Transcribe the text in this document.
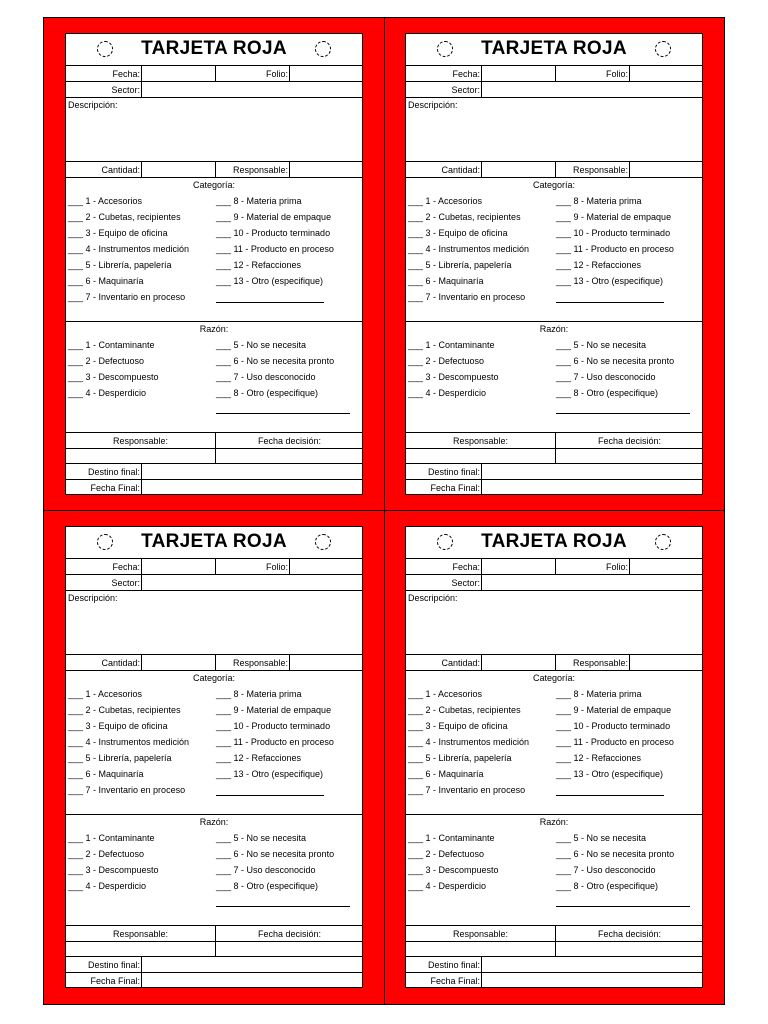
TARJETA ROJA
Fecha:	Folio:
Sector:
Descripción:
Cantidad:	Responsable:
Categoría:
___ 1 - Accesorios
___ 2 - Cubetas, recipientes
___ 3 - Equipo de oficina
___ 4 - Instrumentos medición
___ 5 - Librería, papelería
___ 6 - Maquinaría
___ 7 - Inventario en proceso
___ 8 - Materia prima
___ 9 - Material de empaque
___ 10 - Producto terminado
___ 11 - Producto en proceso
___ 12 - Refacciones
___ 13 - Otro (especifique)
Razón:
___ 1 - Contaminante
___ 2 - Defectuoso
___ 3 - Descompuesto
___ 4 - Desperdicio
___ 5 - No se necesita
___ 6 - No se necesita pronto
___ 7 - Uso desconocido
___ 8 - Otro (especifique)
Responsable:	Fecha decisión:
Destino final:
Fecha Final:
TARJETA ROJA
Fecha:	Folio:
Sector:
Descripción:
Cantidad:	Responsable:
Categoría:
___ 1 - Accesorios
___ 2 - Cubetas, recipientes
___ 3 - Equipo de oficina
___ 4 - Instrumentos medición
___ 5 - Librería, papelería
___ 6 - Maquinaría
___ 7 - Inventario en proceso
___ 8 - Materia prima
___ 9 - Material de empaque
___ 10 - Producto terminado
___ 11 - Producto en proceso
___ 12 - Refacciones
___ 13 - Otro (especifique)
Razón:
___ 1 - Contaminante
___ 2 - Defectuoso
___ 3 - Descompuesto
___ 4 - Desperdicio
___ 5 - No se necesita
___ 6 - No se necesita pronto
___ 7 - Uso desconocido
___ 8 - Otro (especifique)
Responsable:	Fecha decisión:
Destino final:
Fecha Final:
TARJETA ROJA
Fecha:	Folio:
Sector:
Descripción:
Cantidad:	Responsable:
Categoría:
___ 1 - Accesorios
___ 2 - Cubetas, recipientes
___ 3 - Equipo de oficina
___ 4 - Instrumentos medición
___ 5 - Librería, papelería
___ 6 - Maquinaría
___ 7 - Inventario en proceso
___ 8 - Materia prima
___ 9 - Material de empaque
___ 10 - Producto terminado
___ 11 - Producto en proceso
___ 12 - Refacciones
___ 13 - Otro (especifique)
Razón:
___ 1 - Contaminante
___ 2 - Defectuoso
___ 3 - Descompuesto
___ 4 - Desperdicio
___ 5 - No se necesita
___ 6 - No se necesita pronto
___ 7 - Uso desconocido
___ 8 - Otro (especifique)
Responsable:	Fecha decisión:
Destino final:
Fecha Final:
TARJETA ROJA
Fecha:	Folio:
Sector:
Descripción:
Cantidad:	Responsable:
Categoría:
___ 1 - Accesorios
___ 2 - Cubetas, recipientes
___ 3 - Equipo de oficina
___ 4 - Instrumentos medición
___ 5 - Librería, papelería
___ 6 - Maquinaría
___ 7 - Inventario en proceso
___ 8 - Materia prima
___ 9 - Material de empaque
___ 10 - Producto terminado
___ 11 - Producto en proceso
___ 12 - Refacciones
___ 13 - Otro (especifique)
Razón:
___ 1 - Contaminante
___ 2 - Defectuoso
___ 3 - Descompuesto
___ 4 - Desperdicio
___ 5 - No se necesita
___ 6 - No se necesita pronto
___ 7 - Uso desconocido
___ 8 - Otro (especifique)
Responsable:	Fecha decisión:
Destino final:
Fecha Final:
